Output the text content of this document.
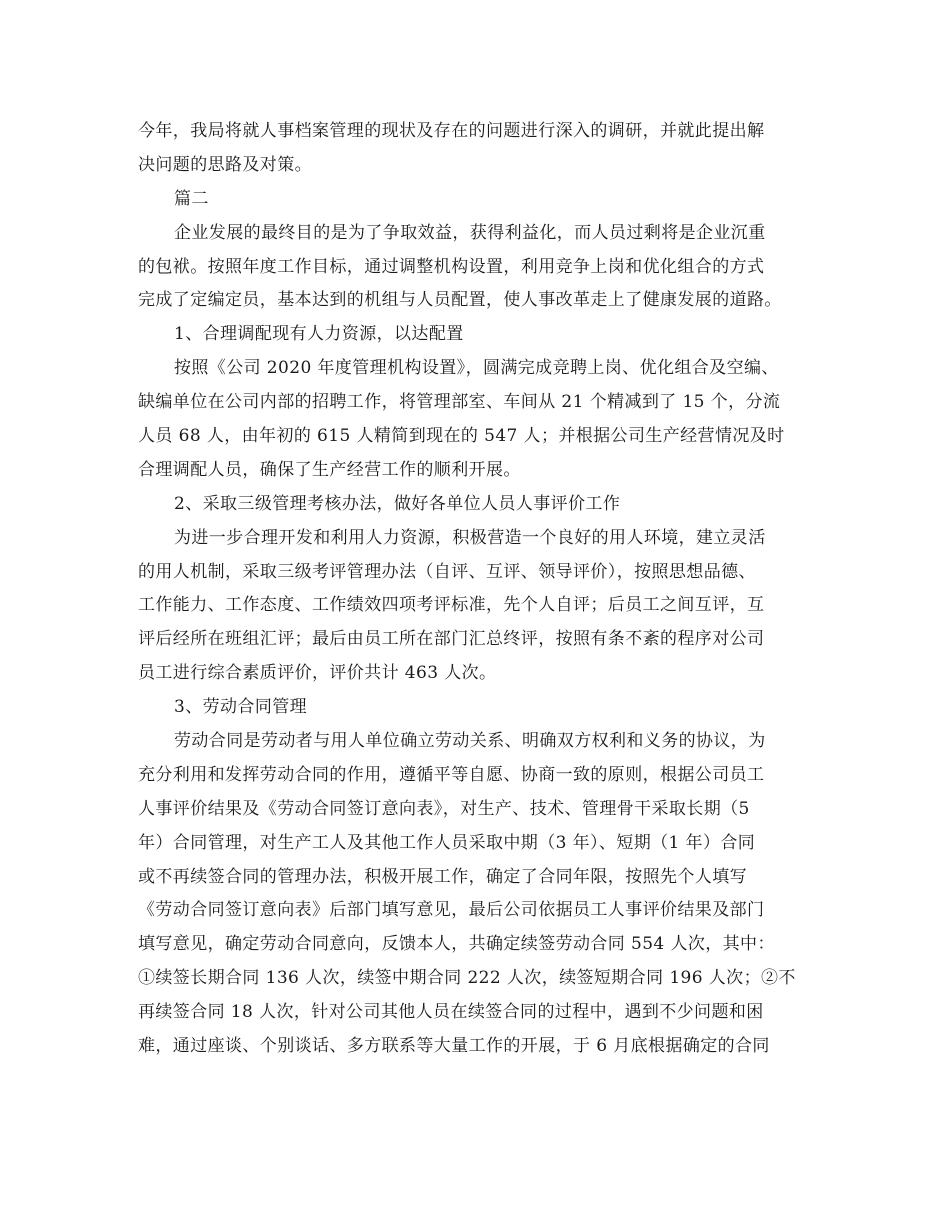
今年，我局将就人事档案管理的现状及存在的问题进行深入的调研，并就此提出解
决问题的思路及对策。
篇二
企业发展的最终目的是为了争取效益，获得利益化，而人员过剩将是企业沉重
的包袱。按照年度工作目标，通过调整机构设置，利用竞争上岗和优化组合的方式
完成了定编定员，基本达到的机组与人员配置，使人事改革走上了健康发展的道路。
1、合理调配现有人力资源，以达配置
按照《公司 2020 年度管理机构设置》，圆满完成竞聘上岗、优化组合及空编、
缺编单位在公司内部的招聘工作，将管理部室、车间从 21 个精减到了 15 个，分流
人员 68 人，由年初的 615 人精简到现在的 547 人；并根据公司生产经营情况及时
合理调配人员，确保了生产经营工作的顺利开展。
2、采取三级管理考核办法，做好各单位人员人事评价工作
为进一步合理开发和利用人力资源，积极营造一个良好的用人环境，建立灵活
的用人机制，采取三级考评管理办法（自评、互评、领导评价），按照思想品德、
工作能力、工作态度、工作绩效四项考评标准，先个人自评；后员工之间互评，互
评后经所在班组汇评；最后由员工所在部门汇总终评，按照有条不紊的程序对公司
员工进行综合素质评价，评价共计 463 人次。
3、劳动合同管理
劳动合同是劳动者与用人单位确立劳动关系、明确双方权利和义务的协议，为
充分利用和发挥劳动合同的作用，遵循平等自愿、协商一致的原则，根据公司员工
人事评价结果及《劳动合同签订意向表》，对生产、技术、管理骨干采取长期（5
年）合同管理，对生产工人及其他工作人员采取中期（3 年）、短期（1 年）合同
或不再续签合同的管理办法，积极开展工作，确定了合同年限，按照先个人填写
《劳动合同签订意向表》后部门填写意见，最后公司依据员工人事评价结果及部门
填写意见，确定劳动合同意向，反馈本人，共确定续签劳动合同 554 人次，其中：
①续签长期合同 136 人次，续签中期合同 222 人次，续签短期合同 196 人次；②不
再续签合同 18 人次，针对公司其他人员在续签合同的过程中，遇到不少问题和困
难，通过座谈、个别谈话、多方联系等大量工作的开展，于 6 月底根据确定的合同
